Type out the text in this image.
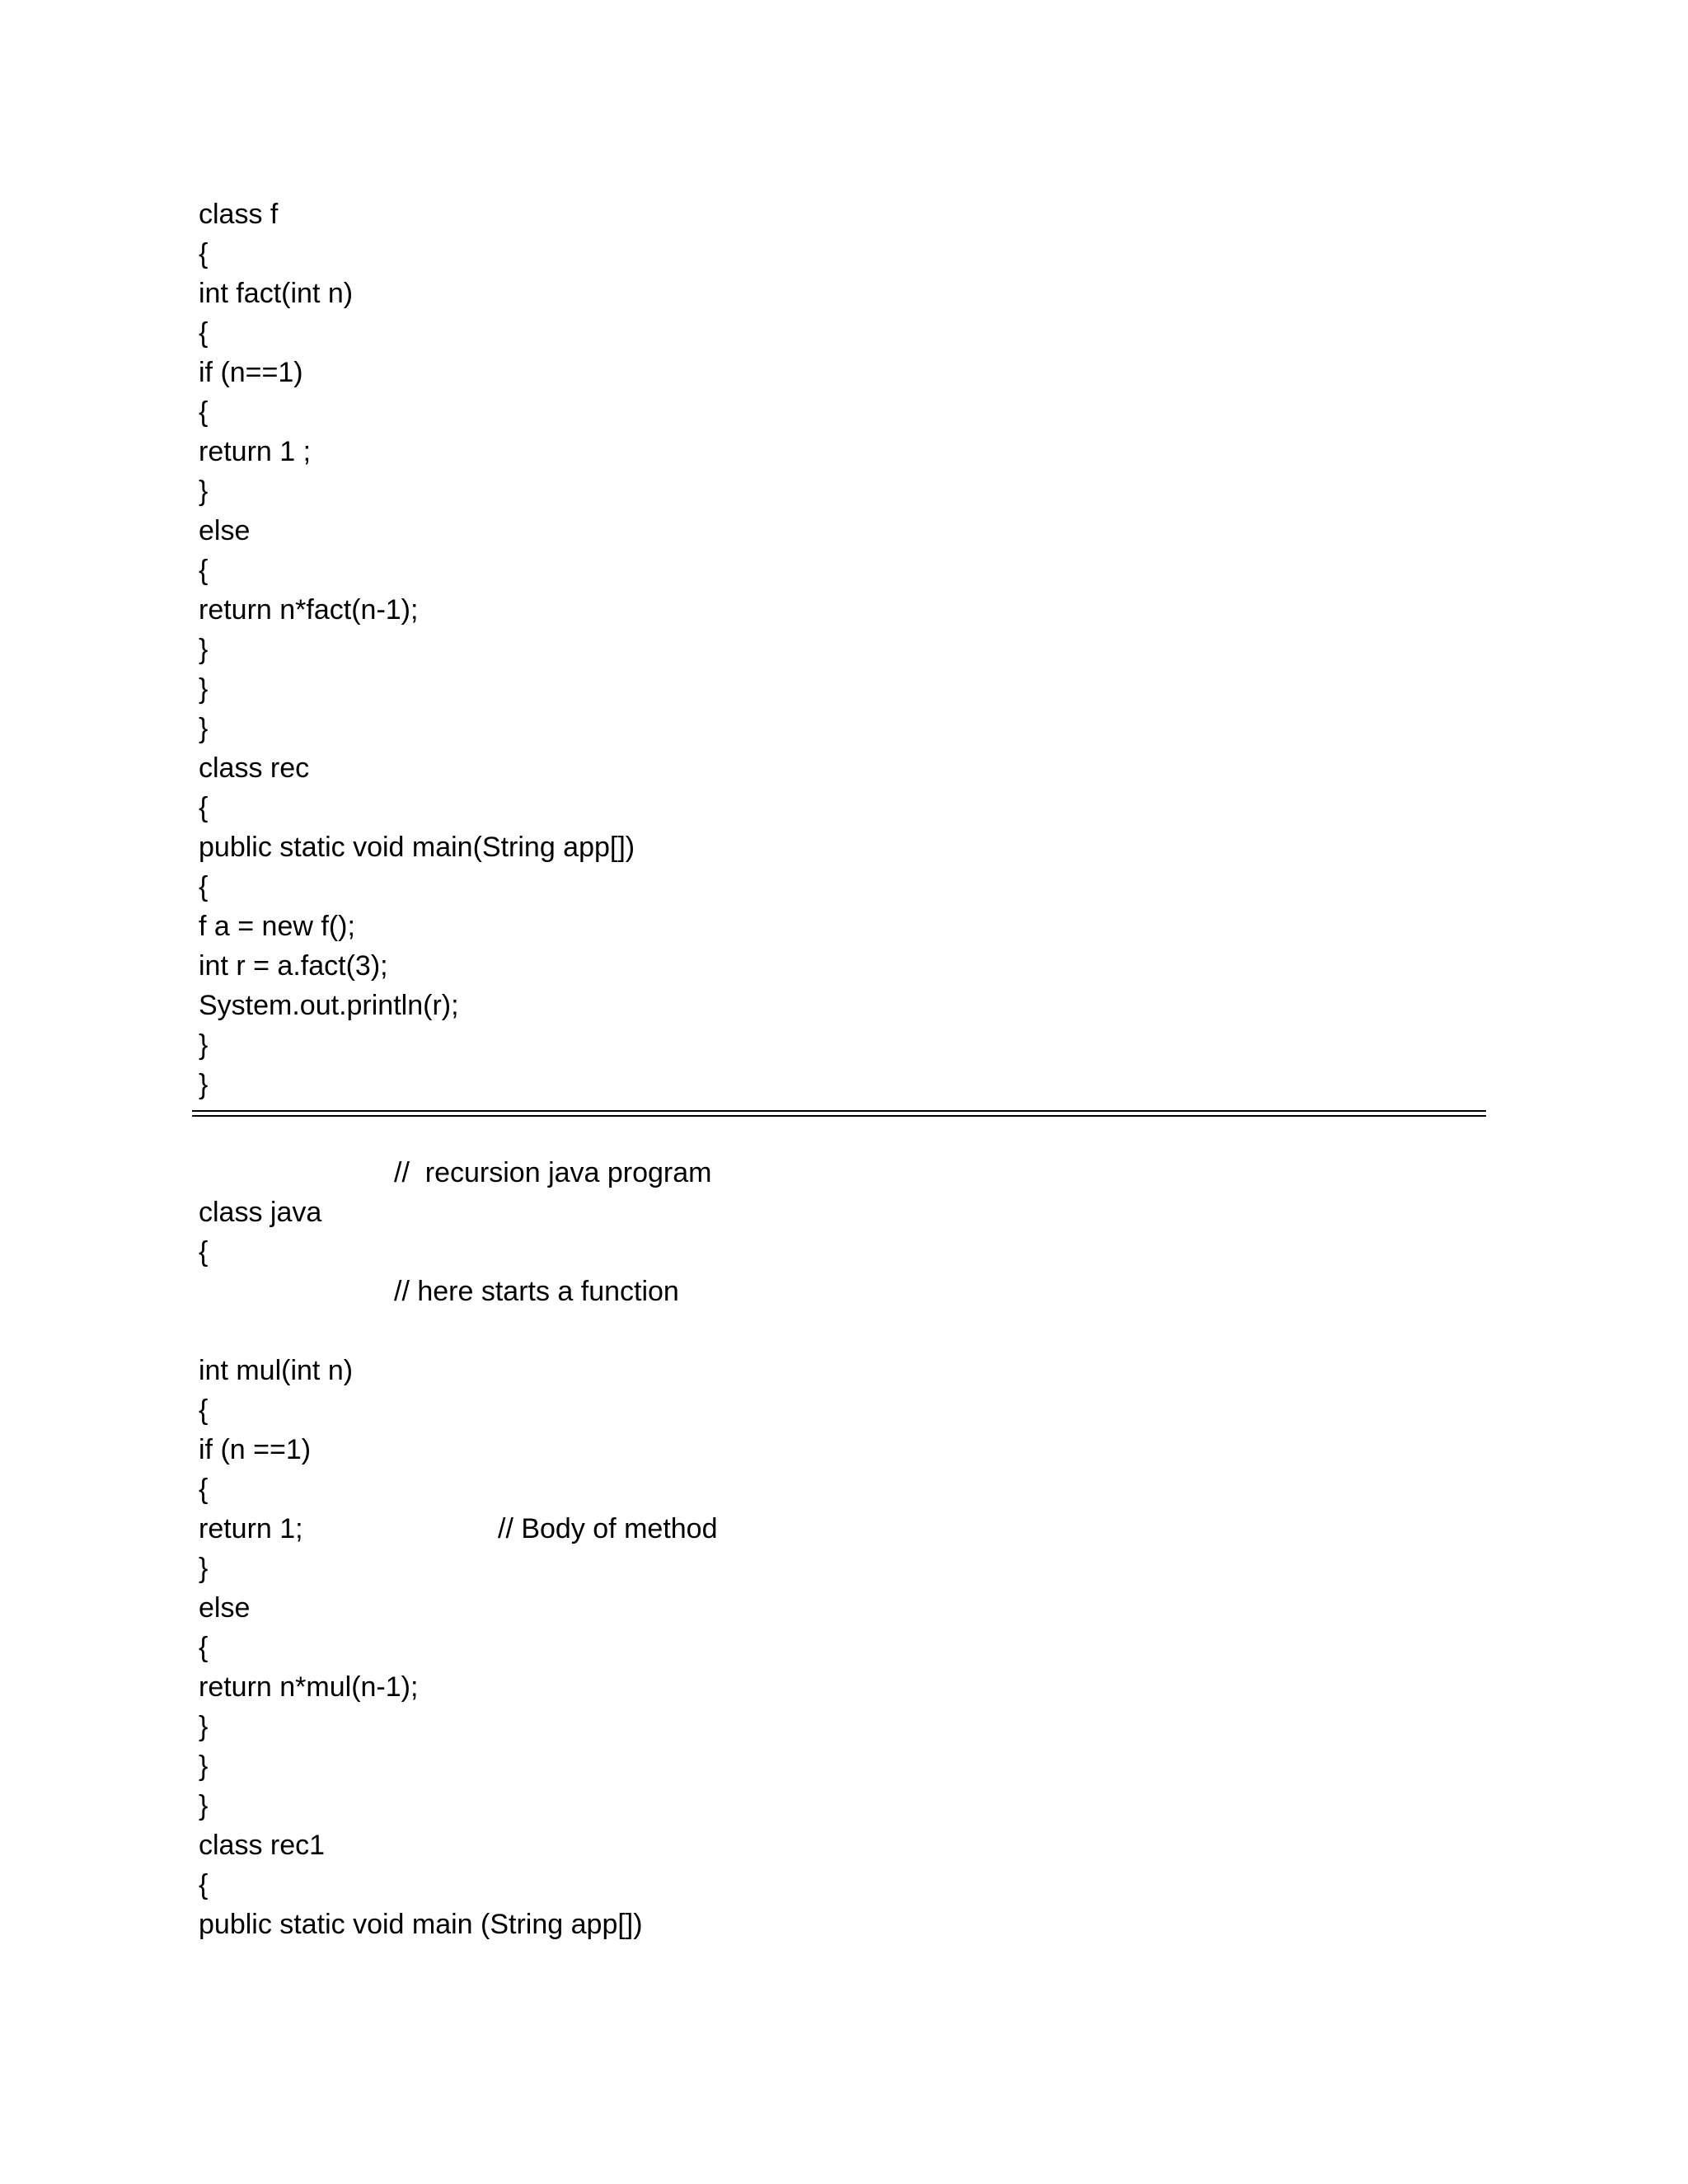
class f
{
int fact(int n)
{
if (n==1)
{
return 1 ;
}
else
{
return n*fact(n-1);
}
}
}
class rec
{
public static void main(String app[])
{
f a = new f();
int r = a.fact(3);
System.out.println(r);
}
}
//  recursion java program
class java
{
// here starts a function
int mul(int n)
{
if (n ==1)
{
return 1;
}
else
{
return n*mul(n-1);
}
}
}
class rec1
{
public static void main (String app[])
// Body of method
